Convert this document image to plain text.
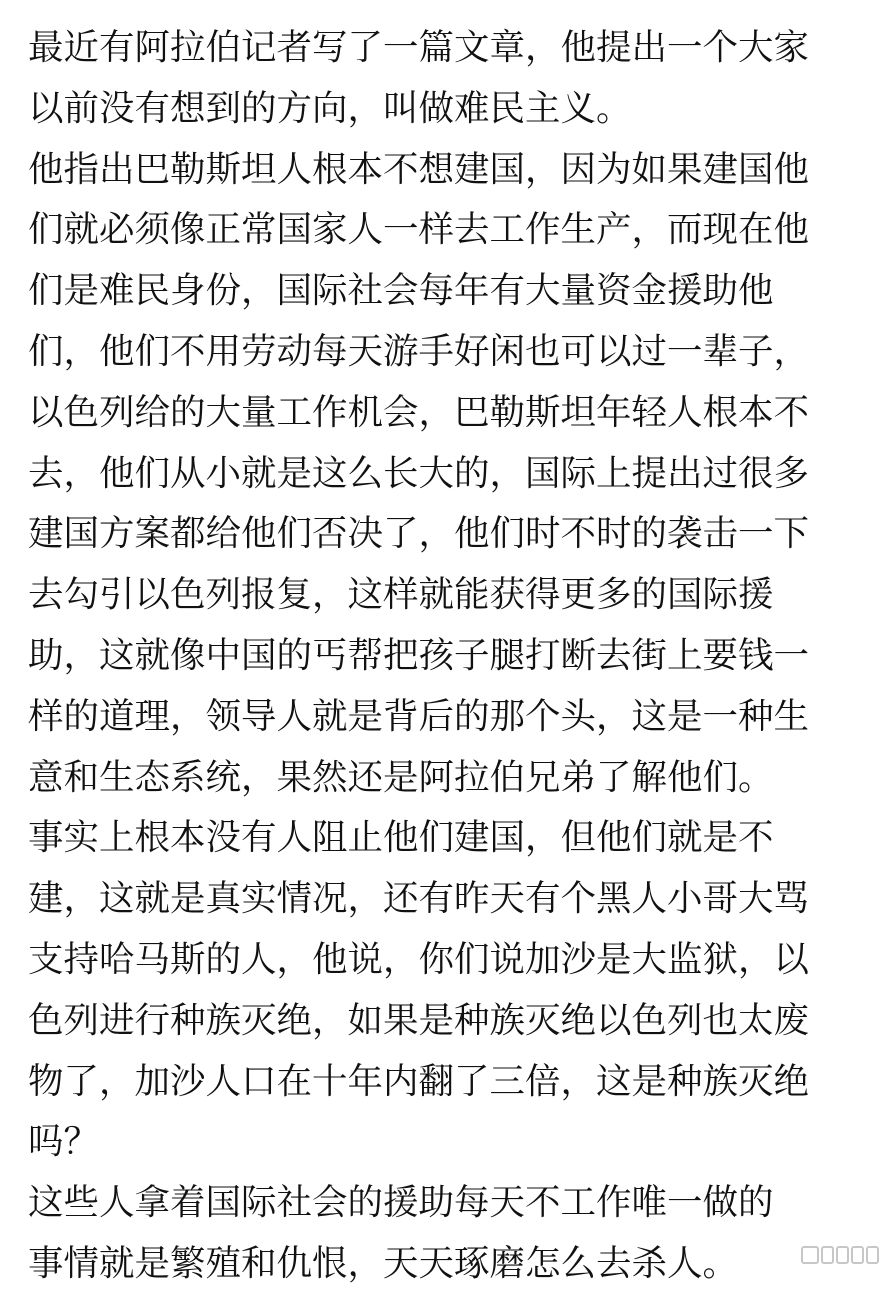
最近有阿拉伯记者写了一篇文章，他提出一个大家
以前没有想到的方向，叫做难民主义。
他指出巴勒斯坦人根本不想建国，因为如果建国他
们就必须像正常国家人一样去工作生产，而现在他
们是难民身份，国际社会每年有大量资金援助他
们，他们不用劳动每天游手好闲也可以过一辈子，
以色列给的大量工作机会，巴勒斯坦年轻人根本不
去，他们从小就是这么长大的，国际上提出过很多
建国方案都给他们否决了，他们时不时的袭击一下
去勾引以色列报复，这样就能获得更多的国际援
助，这就像中国的丐帮把孩子腿打断去街上要钱一
样的道理，领导人就是背后的那个头，这是一种生
意和生态系统，果然还是阿拉伯兄弟了解他们。
事实上根本没有人阻止他们建国，但他们就是不
建，这就是真实情况，还有昨天有个黑人小哥大骂
支持哈马斯的人，他说，你们说加沙是大监狱，以
色列进行种族灭绝，如果是种族灭绝以色列也太废
物了，加沙人口在十年内翻了三倍，这是种族灭绝
吗？
这些人拿着国际社会的援助每天不工作唯一做的
事情就是繁殖和仇恨，天天琢磨怎么去杀人。
